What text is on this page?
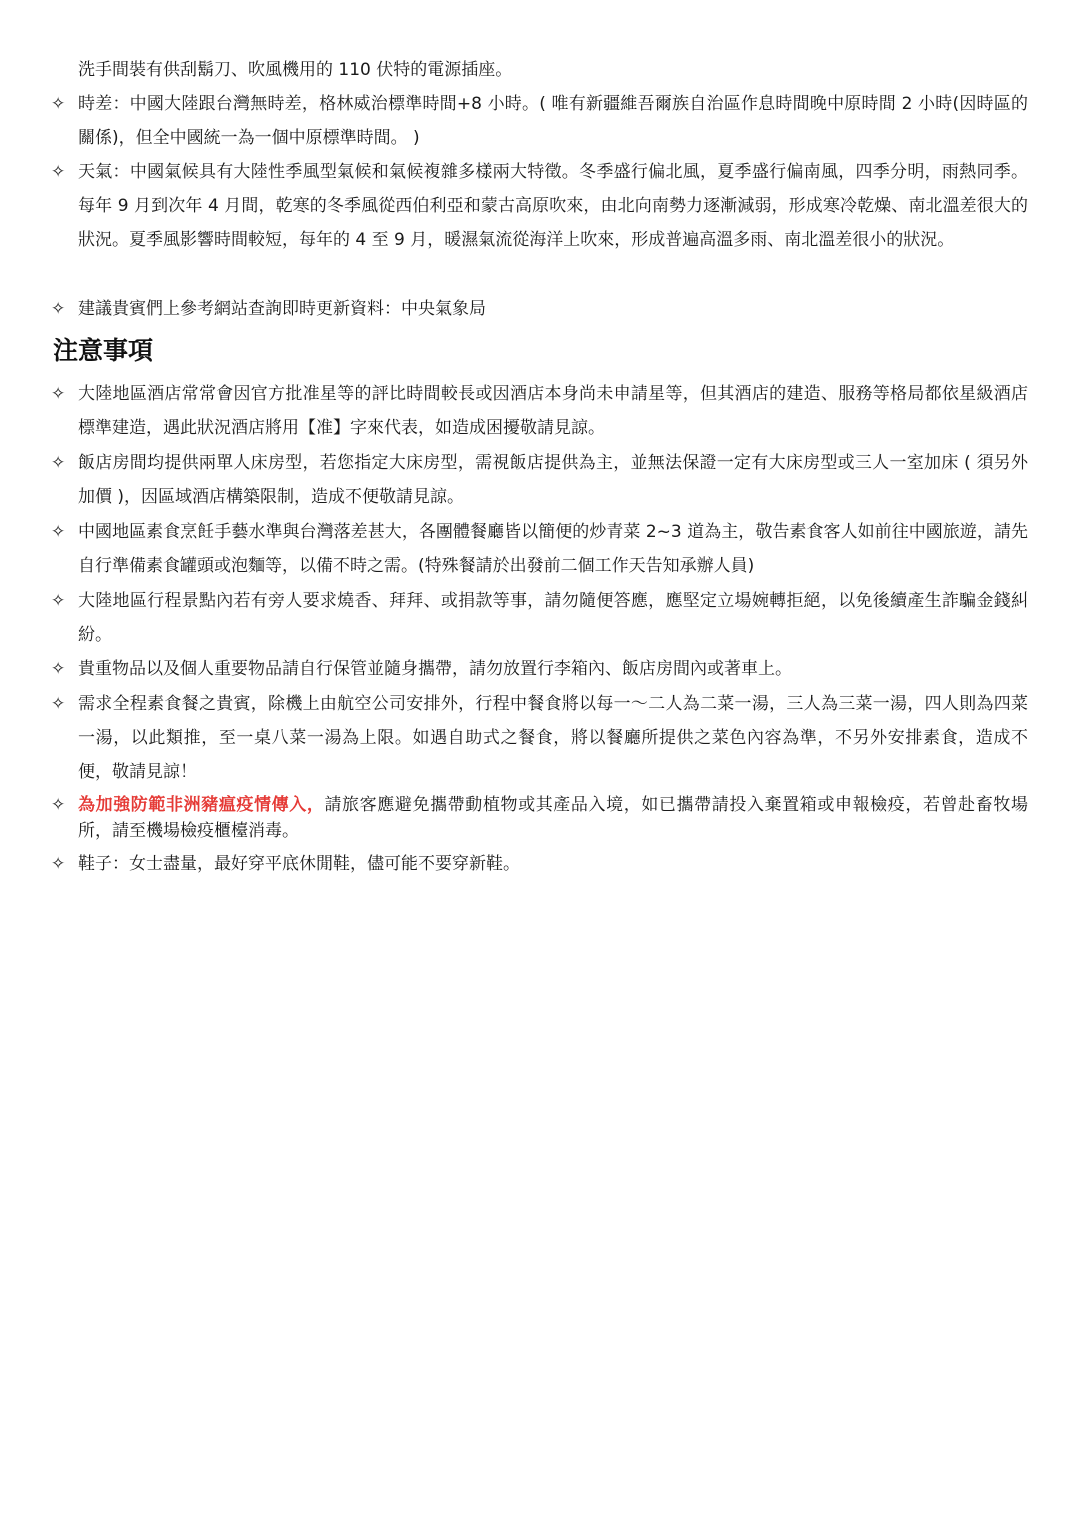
洗手間裝有供刮鬍刀、吹風機用的 110 伏特的電源插座。
✧ 時差：中國大陸跟台灣無時差，格林威治標準時間+8 小時。( 唯有新疆維吾爾族自治區作息時間晚中原時間 2 小時(因時區的關係)，但全中國統一為一個中原標準時間。 )
✧ 天氣：中國氣候具有大陸性季風型氣候和氣候複雜多樣兩大特徵。冬季盛行偏北風，夏季盛行偏南風，四季分明，雨熱同季。每年 9 月到次年 4 月間，乾寒的冬季風從西伯利亞和蒙古高原吹來，由北向南勢力逐漸減弱，形成寒冷乾燥、南北溫差很大的狀況。夏季風影響時間較短，每年的 4 至 9 月，暖濕氣流從海洋上吹來，形成普遍高溫多雨、南北溫差很小的狀況。
✧ 建議貴賓們上參考網站查詢即時更新資料：中央氣象局
注意事項
✧ 大陸地區酒店常常會因官方批准星等的評比時間較長或因酒店本身尚未申請星等，但其酒店的建造、服務等格局都依星級酒店標準建造，遇此狀況酒店將用【准】字來代表，如造成困擾敬請見諒。
✧ 飯店房間均提供兩單人床房型，若您指定大床房型，需視飯店提供為主，並無法保證一定有大床房型或三人一室加床 ( 須另外加價 )，因區域酒店構築限制，造成不便敬請見諒。
✧ 中國地區素食烹飪手藝水準與台灣落差甚大，各團體餐廳皆以簡便的炒青菜 2~3 道為主，敬告素食客人如前往中國旅遊，請先自行準備素食罐頭或泡麵等，以備不時之需。(特殊餐請於出發前二個工作天告知承辦人員)
✧ 大陸地區行程景點內若有旁人要求燒香、拜拜、或捐款等事，請勿隨便答應，應堅定立場婉轉拒絕，以免後續產生詐騙金錢糾紛。
✧ 貴重物品以及個人重要物品請自行保管並隨身攜帶，請勿放置行李箱內、飯店房間內或著車上。
✧ 需求全程素食餐之貴賓，除機上由航空公司安排外，行程中餐食將以每一～二人為二菜一湯，三人為三菜一湯，四人則為四菜一湯，以此類推，至一桌八菜一湯為上限。如遇自助式之餐食，將以餐廳所提供之菜色內容為準，不另外安排素食，造成不便，敬請見諒！
✧ 為加強防範非洲豬瘟疫情傳入，請旅客應避免攜帶動植物或其產品入境，如已攜帶請投入棄置箱或申報檢疫，若曾赴畜牧場所，請至機場檢疫櫃檯消毒。
✧ 鞋子：女士盡量，最好穿平底休閒鞋，儘可能不要穿新鞋。
